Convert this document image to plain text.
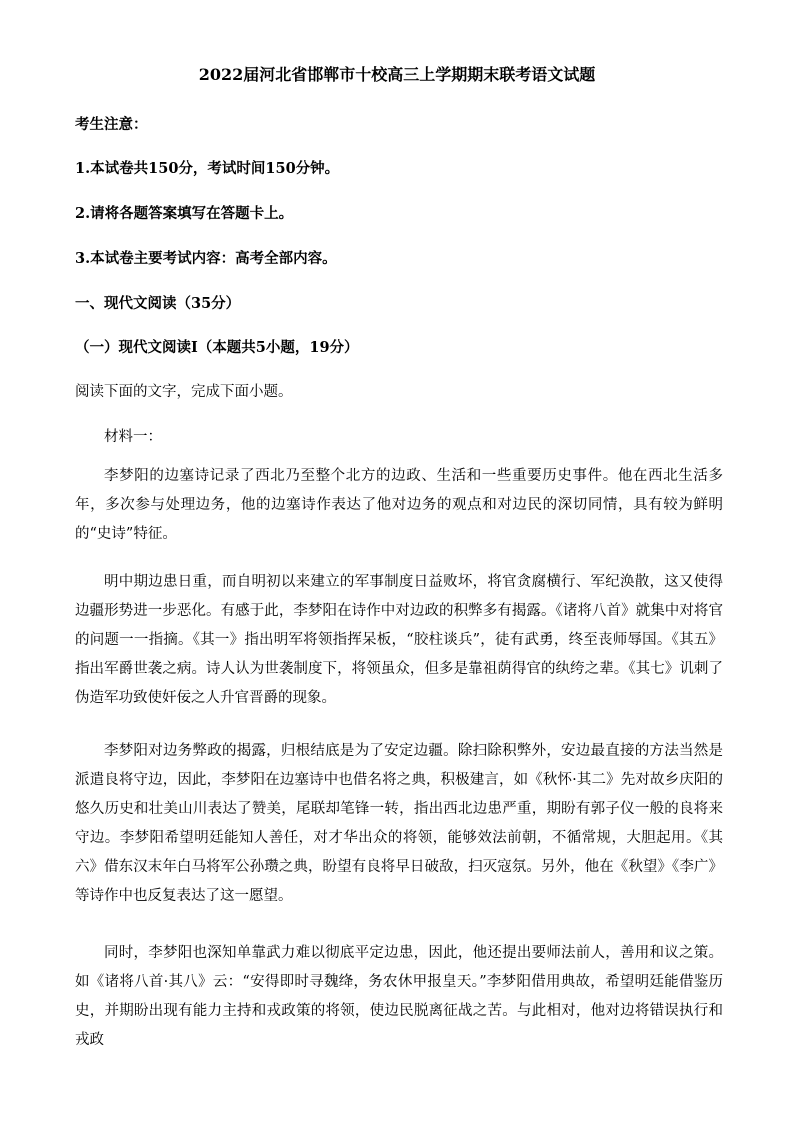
2022届河北省邯郸市十校高三上学期期末联考语文试题
考生注意：
1.本试卷共150分，考试时间150分钟。
2.请将各题答案填写在答题卡上。
3.本试卷主要考试内容：高考全部内容。
一、现代文阅读（35分）
（一）现代文阅读Ⅰ（本题共5小题，19分）
阅读下面的文字，完成下面小题。
材料一：

李梦阳的边塞诗记录了西北乃至整个北方的边政、生活和一些重要历史事件。他在西北生活多年，多次参与处理边务，他的边塞诗作表达了他对边务的观点和对边民的深切同情，具有较为鲜明的“史诗”特征。

明中期边患日重，而自明初以来建立的军事制度日益败坏，将官贪腐横行、军纪涣散，这又使得边疆形势进一步恶化。有感于此，李梦阳在诗作中对边政的积弊多有揭露。《诸将八首》就集中对将官的问题一一指摘。《其一》指出明军将领指挥呆板，“胶柱谈兵”，徒有武勇，终至丧师辱国。《其五》指出军爵世袭之病。诗人认为世袭制度下，将领虽众，但多是靠祖荫得官的纨绔之辈。《其七》讥刺了伪造军功致使奸佞之人升官晋爵的现象。

李梦阳对边务弊政的揭露，归根结底是为了安定边疆。除扫除积弊外，安边最直接的方法当然是派遣良将守边，因此，李梦阳在边塞诗中也借名将之典，积极建言，如《秋怀·其二》先对故乡庆阳的悠久历史和壮美山川表达了赞美，尾联却笔锋一转，指出西北边患严重，期盼有郭子仪一般的良将来守边。李梦阳希望明廷能知人善任，对才华出众的将领，能够效法前朝，不循常规，大胆起用。《其六》借东汉末年白马将军公孙瓒之典，盼望有良将早日破敌，扫灭寇氛。另外，他在《秋望》《李广》等诗作中也反复表达了这一愿望。

同时，李梦阳也深知单靠武力难以彻底平定边患，因此，他还提出要师法前人，善用和议之策。如《诸将八首·其八》云：“安得即时寻魏绛，务农休甲报皇天。”李梦阳借用典故，希望明廷能借鉴历史，并期盼出现有能力主持和戎政策的将领，使边民脱离征战之苦。与此相对，他对边将错误执行和戎政
